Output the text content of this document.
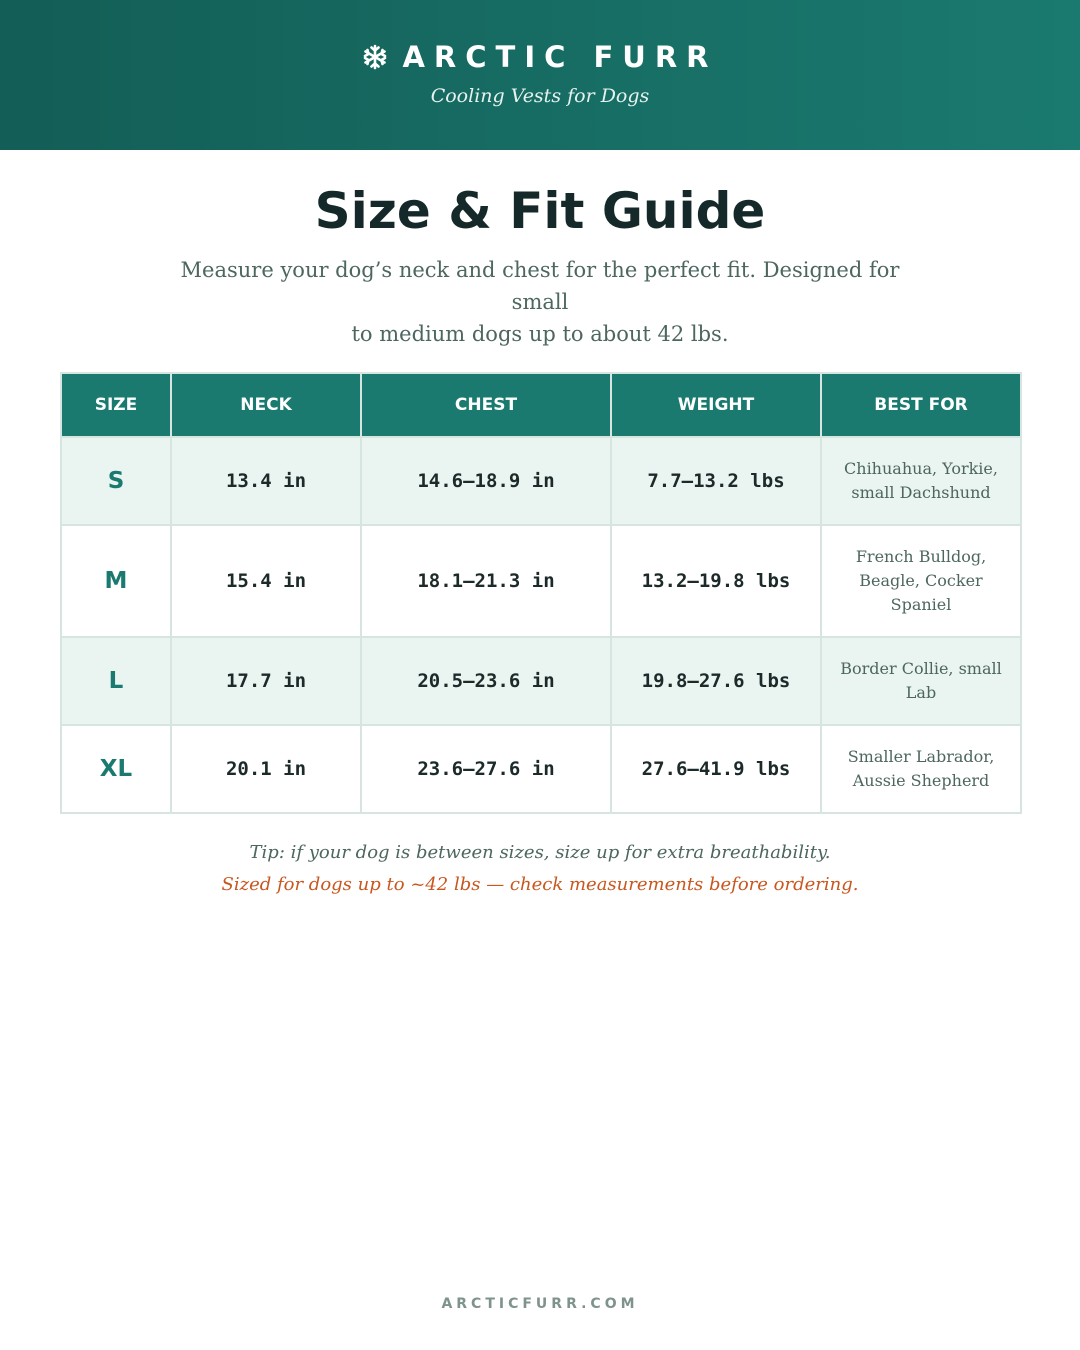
ARCTIC FURR
Cooling Vests for Dogs
Size & Fit Guide
Measure your dog’s neck and chest for the perfect fit. Designed for small
to medium dogs up to about 42 lbs.
SIZE	NECK	CHEST	WEIGHT	BEST FOR
S	13.4 in	14.6–18.9 in	7.7–13.2 lbs	Chihuahua, Yorkie, small Dachshund
M	15.4 in	18.1–21.3 in	13.2–19.8 lbs	French Bulldog, Beagle, Cocker Spaniel
L	17.7 in	20.5–23.6 in	19.8–27.6 lbs	Border Collie, small Lab
XL	20.1 in	23.6–27.6 in	27.6–41.9 lbs	Smaller Labrador, Aussie Shepherd

Tip: if your dog is between sizes, size up for extra breathability.

Sized for dogs up to ~42 lbs — check measurements before ordering.

ARCTICFURR.COM
